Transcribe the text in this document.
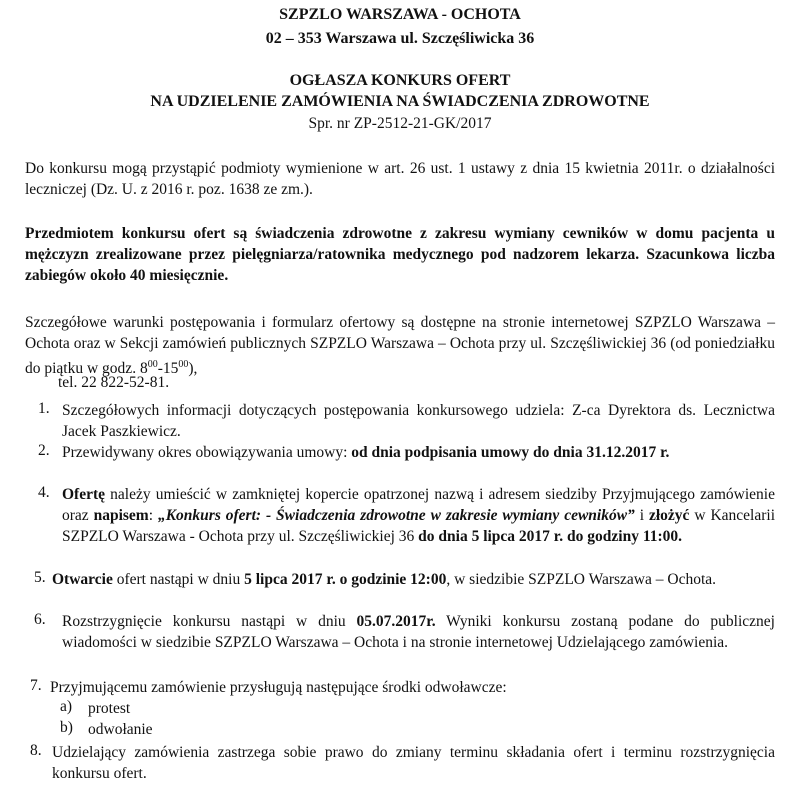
SZPZLO WARSZAWA - OCHOTA
02 – 353 Warszawa ul. Szczęśliwicka 36
OGŁASZA KONKURS OFERT
NA UDZIELENIE ZAMÓWIENIA NA ŚWIADCZENIA ZDROWOTNE
Spr. nr ZP-2512-21-GK/2017
Do konkursu mogą przystąpić podmioty wymienione w art. 26 ust. 1 ustawy z dnia 15 kwietnia 2011r. o działalności leczniczej (Dz. U. z 2016 r. poz. 1638 ze zm.).
Przedmiotem konkursu ofert są świadczenia zdrowotne z zakresu wymiany cewników w domu pacjenta u mężczyzn zrealizowane przez pielęgniarza/ratownika medycznego pod nadzorem lekarza. Szacunkowa liczba zabiegów około 40 miesięcznie.
Szczegółowe warunki postępowania i formularz ofertowy są dostępne na stronie internetowej SZPZLO Warszawa – Ochota oraz w Sekcji zamówień publicznych SZPZLO Warszawa – Ochota przy ul. Szczęśliwickiej 36 (od poniedziałku do piątku w godz. $8^{00}-15^{00}$),
tel. 22 822-52-81.
1. Szczegółowych informacji dotyczących postępowania konkursowego udziela: Z-ca Dyrektora ds. Lecznictwa Jacek Paszkiewicz.
2. Przewidywany okres obowiązywania umowy: od dnia podpisania umowy do dnia 31.12.2017 r.
4. Ofertę należy umieścić w zamkniętej kopercie opatrzonej nazwą i adresem siedziby Przyjmującego zamówienie oraz napisem: „Konkurs ofert: - Świadczenia zdrowotne w zakresie wymiany cewników” i złożyć w Kancelarii SZPZLO Warszawa - Ochota przy ul. Szczęśliwickiej 36 do dnia 5 lipca 2017 r. do godziny 11:00.
5. Otwarcie ofert nastąpi w dniu 5 lipca 2017 r. o godzinie 12:00, w siedzibie SZPZLO Warszawa – Ochota.
6. Rozstrzygnięcie konkursu nastąpi w dniu 05.07.2017r. Wyniki konkursu zostaną podane do publicznej wiadomości w siedzibie SZPZLO Warszawa – Ochota i na stronie internetowej Udzielającego zamówienia.
7. Przyjmującemu zamówienie przysługują następujące środki odwoławcze:
a) protest
b) odwołanie
8. Udzielający zamówienia zastrzega sobie prawo do zmiany terminu składania ofert i terminu rozstrzygnięcia konkursu ofert.
